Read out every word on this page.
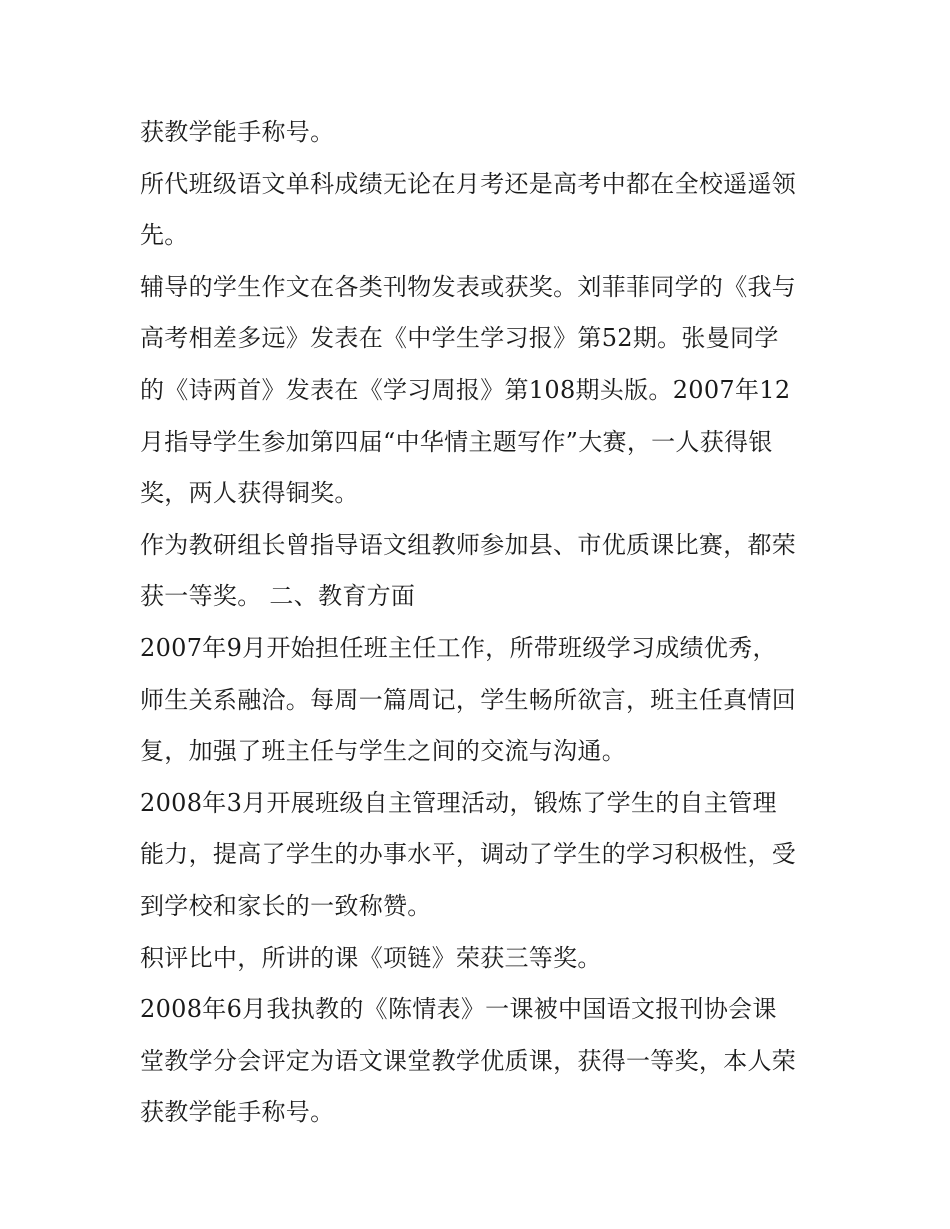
获教学能手称号。
所代班级语文单科成绩无论在月考还是高考中都在全校遥遥领
先。
辅导的学生作文在各类刊物发表或获奖。刘菲菲同学的《我与
高考相差多远》发表在《中学生学习报》第52期。张曼同学
的《诗两首》发表在《学习周报》第108期头版。2007年12
月指导学生参加第四届“中华情主题写作”大赛，一人获得银
奖，两人获得铜奖。
作为教研组长曾指导语文组教师参加县、市优质课比赛，都荣
获一等奖。 二、教育方面
2007年9月开始担任班主任工作，所带班级学习成绩优秀，
师生关系融洽。每周一篇周记，学生畅所欲言，班主任真情回
复，加强了班主任与学生之间的交流与沟通。
2008年3月开展班级自主管理活动，锻炼了学生的自主管理
能力，提高了学生的办事水平，调动了学生的学习积极性，受
到学校和家长的一致称赞。
积评比中，所讲的课《项链》荣获三等奖。
2008年6月我执教的《陈情表》一课被中国语文报刊协会课
堂教学分会评定为语文课堂教学优质课，获得一等奖，本人荣
获教学能手称号。
